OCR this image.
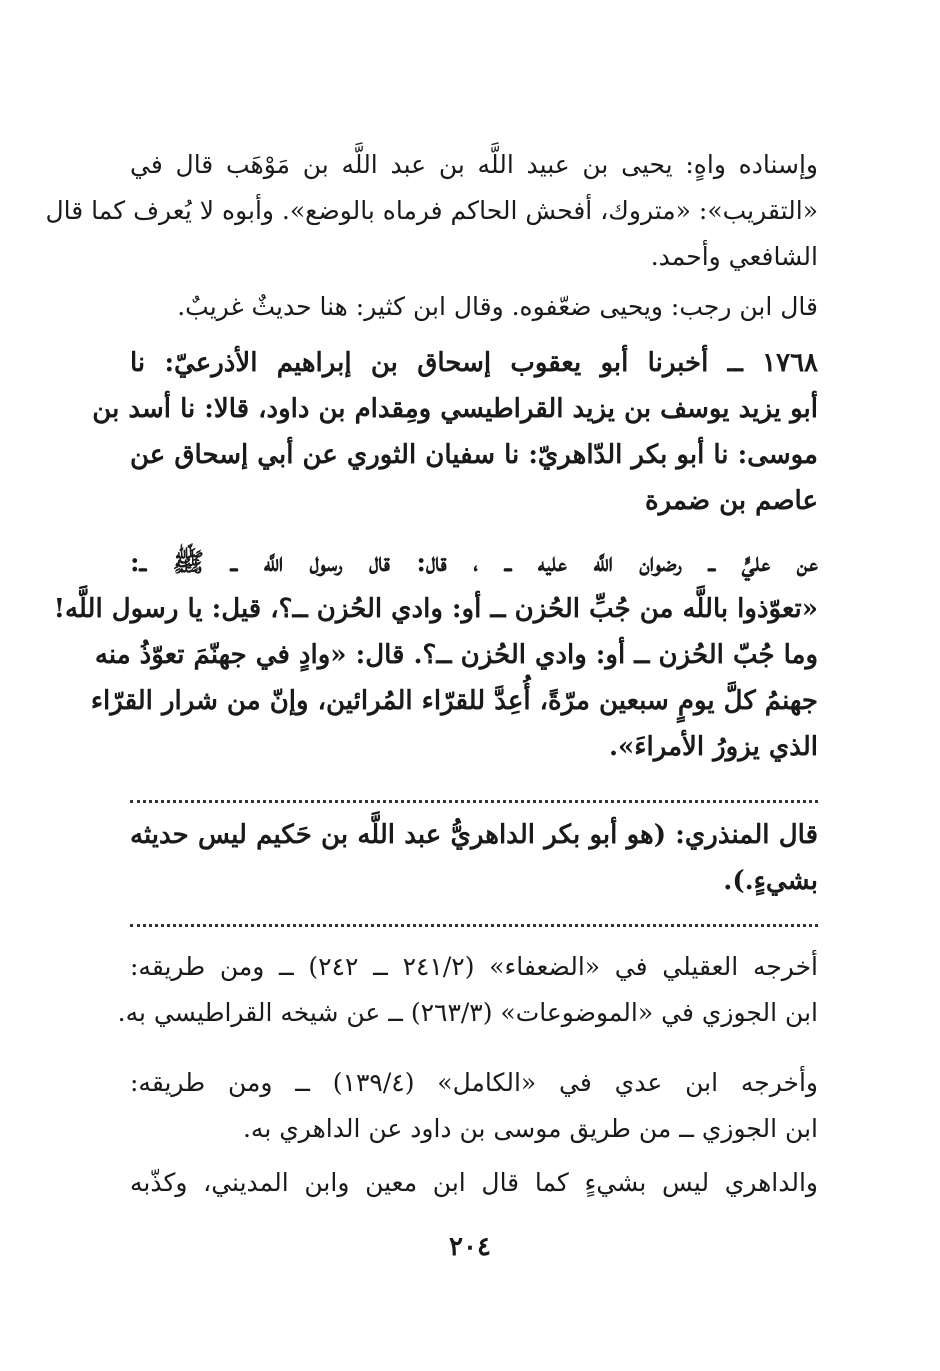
وإسناده واهٍ: يحيى بن عبيد اللَّه بن عبد اللَّه بن مَوْهَب قال في
«التقريب»: «متروك، أفحش الحاكم فرماه بالوضع». وأبوه لا يُعرف كما قال
الشافعي وأحمد.
قال ابن رجب: ويحيى ضعّفوه. وقال ابن كثير: هنا حديثٌ غريبٌ.
١٧٦٨ ــ أخبرنا أبو يعقوب إسحاق بن إبراهيم الأذرعيّ: نا
أبو يزيد يوسف بن يزيد القراطيسي ومِقدام بن داود، قالا: نا أسد بن
موسى: نا أبو بكر الدّاهريّ: نا سفيان الثوري عن أبي إسحاق عن
عاصم بن ضمرة
عن عليٍّ ــ رضوان اللَّه عليه ــ ، قال: قال رسول اللَّه ــ ﷺ ــ:
«تعوّذوا باللَّه من جُبِّ الحُزن ــ أو: وادي الحُزن ــ؟، قيل: يا رسول اللَّه!
وما جُبّ الحُزن ــ أو: وادي الحُزن ــ؟. قال: «وادٍ في جهنّمَ تعوّذُ منه
جهنمُ كلَّ يومٍ سبعين مرّةً، أُعِدَّ للقرّاء المُرائين، وإنّ من شرار القرّاء
الذي يزورُ الأمراءَ».
قال المنذري: (هو أبو بكر الداهريُّ عبد اللَّه بن حَكيم ليس حديثه
بشيءٍ.).
أخرجه العقيلي في «الضعفاء» (٢٤١/٢ ــ ٢٤٢) ــ ومن طريقه:
ابن الجوزي في «الموضوعات» (٢٦٣/٣) ــ عن شيخه القراطيسي به.
وأخرجه ابن عدي في «الكامل» (١٣٩/٤) ــ ومن طريقه:
ابن الجوزي ــ من طريق موسى بن داود عن الداهري به.
والداهري ليس بشيءٍ كما قال ابن معين وابن المديني، وكذّبه
٢٠٤
